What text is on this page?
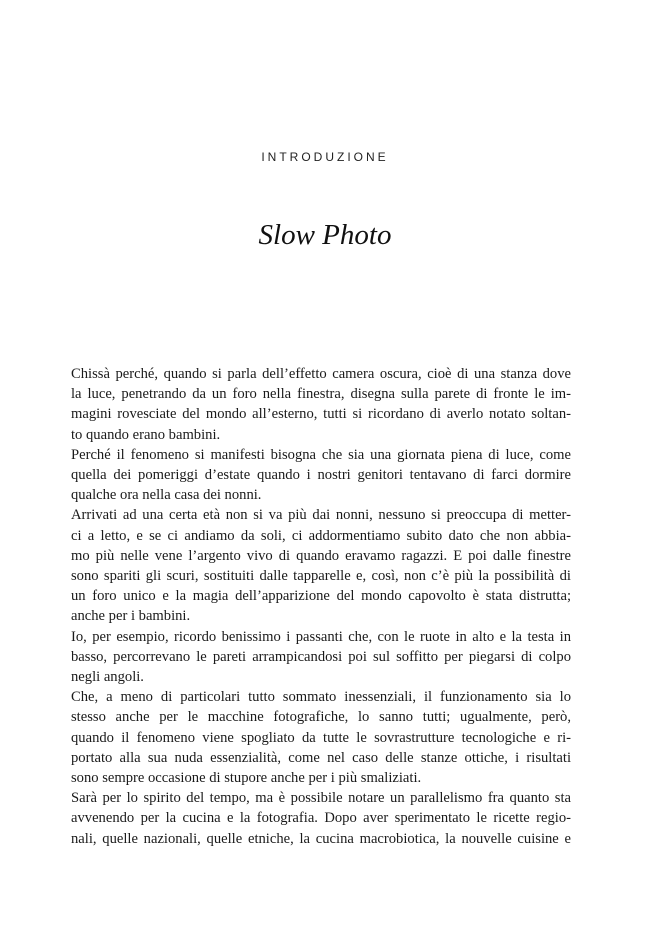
INTRODUZIONE
Slow Photo
Chissà perché, quando si parla dell’effetto camera oscura, cioè di una stanza dove
la luce, penetrando da un foro nella finestra, disegna sulla parete di fronte le im-
magini rovesciate del mondo all’esterno, tutti si ricordano di averlo notato soltan-
to quando erano bambini.
Perché il fenomeno si manifesti bisogna che sia una giornata piena di luce, come
quella dei pomeriggi d’estate quando i nostri genitori tentavano di farci dormire
qualche ora nella casa dei nonni.
Arrivati ad una certa età non si va più dai nonni, nessuno si preoccupa di metter-
ci a letto, e se ci andiamo da soli, ci addormentiamo subito dato che non abbia-
mo più nelle vene l’argento vivo di quando eravamo ragazzi. E poi dalle finestre
sono spariti gli scuri, sostituiti dalle tapparelle e, così, non c’è più la possibilità di
un foro unico e la magia dell’apparizione del mondo capovolto è stata distrutta;
anche per i bambini.
Io, per esempio, ricordo benissimo i passanti che, con le ruote in alto e la testa in
basso, percorrevano le pareti arrampicandosi poi sul soffitto per piegarsi di colpo
negli angoli.
Che, a meno di particolari tutto sommato inessenziali, il funzionamento sia lo
stesso anche per le macchine fotografiche, lo sanno tutti; ugualmente, però,
quando il fenomeno viene spogliato da tutte le sovrastrutture tecnologiche e ri-
portato alla sua nuda essenzialità, come nel caso delle stanze ottiche, i risultati
sono sempre occasione di stupore anche per i più smaliziati.
Sarà per lo spirito del tempo, ma è possibile notare un parallelismo fra quanto sta
avvenendo per la cucina e la fotografia. Dopo aver sperimentato le ricette regio-
nali, quelle nazionali, quelle etniche, la cucina macrobiotica, la nouvelle cuisine e
